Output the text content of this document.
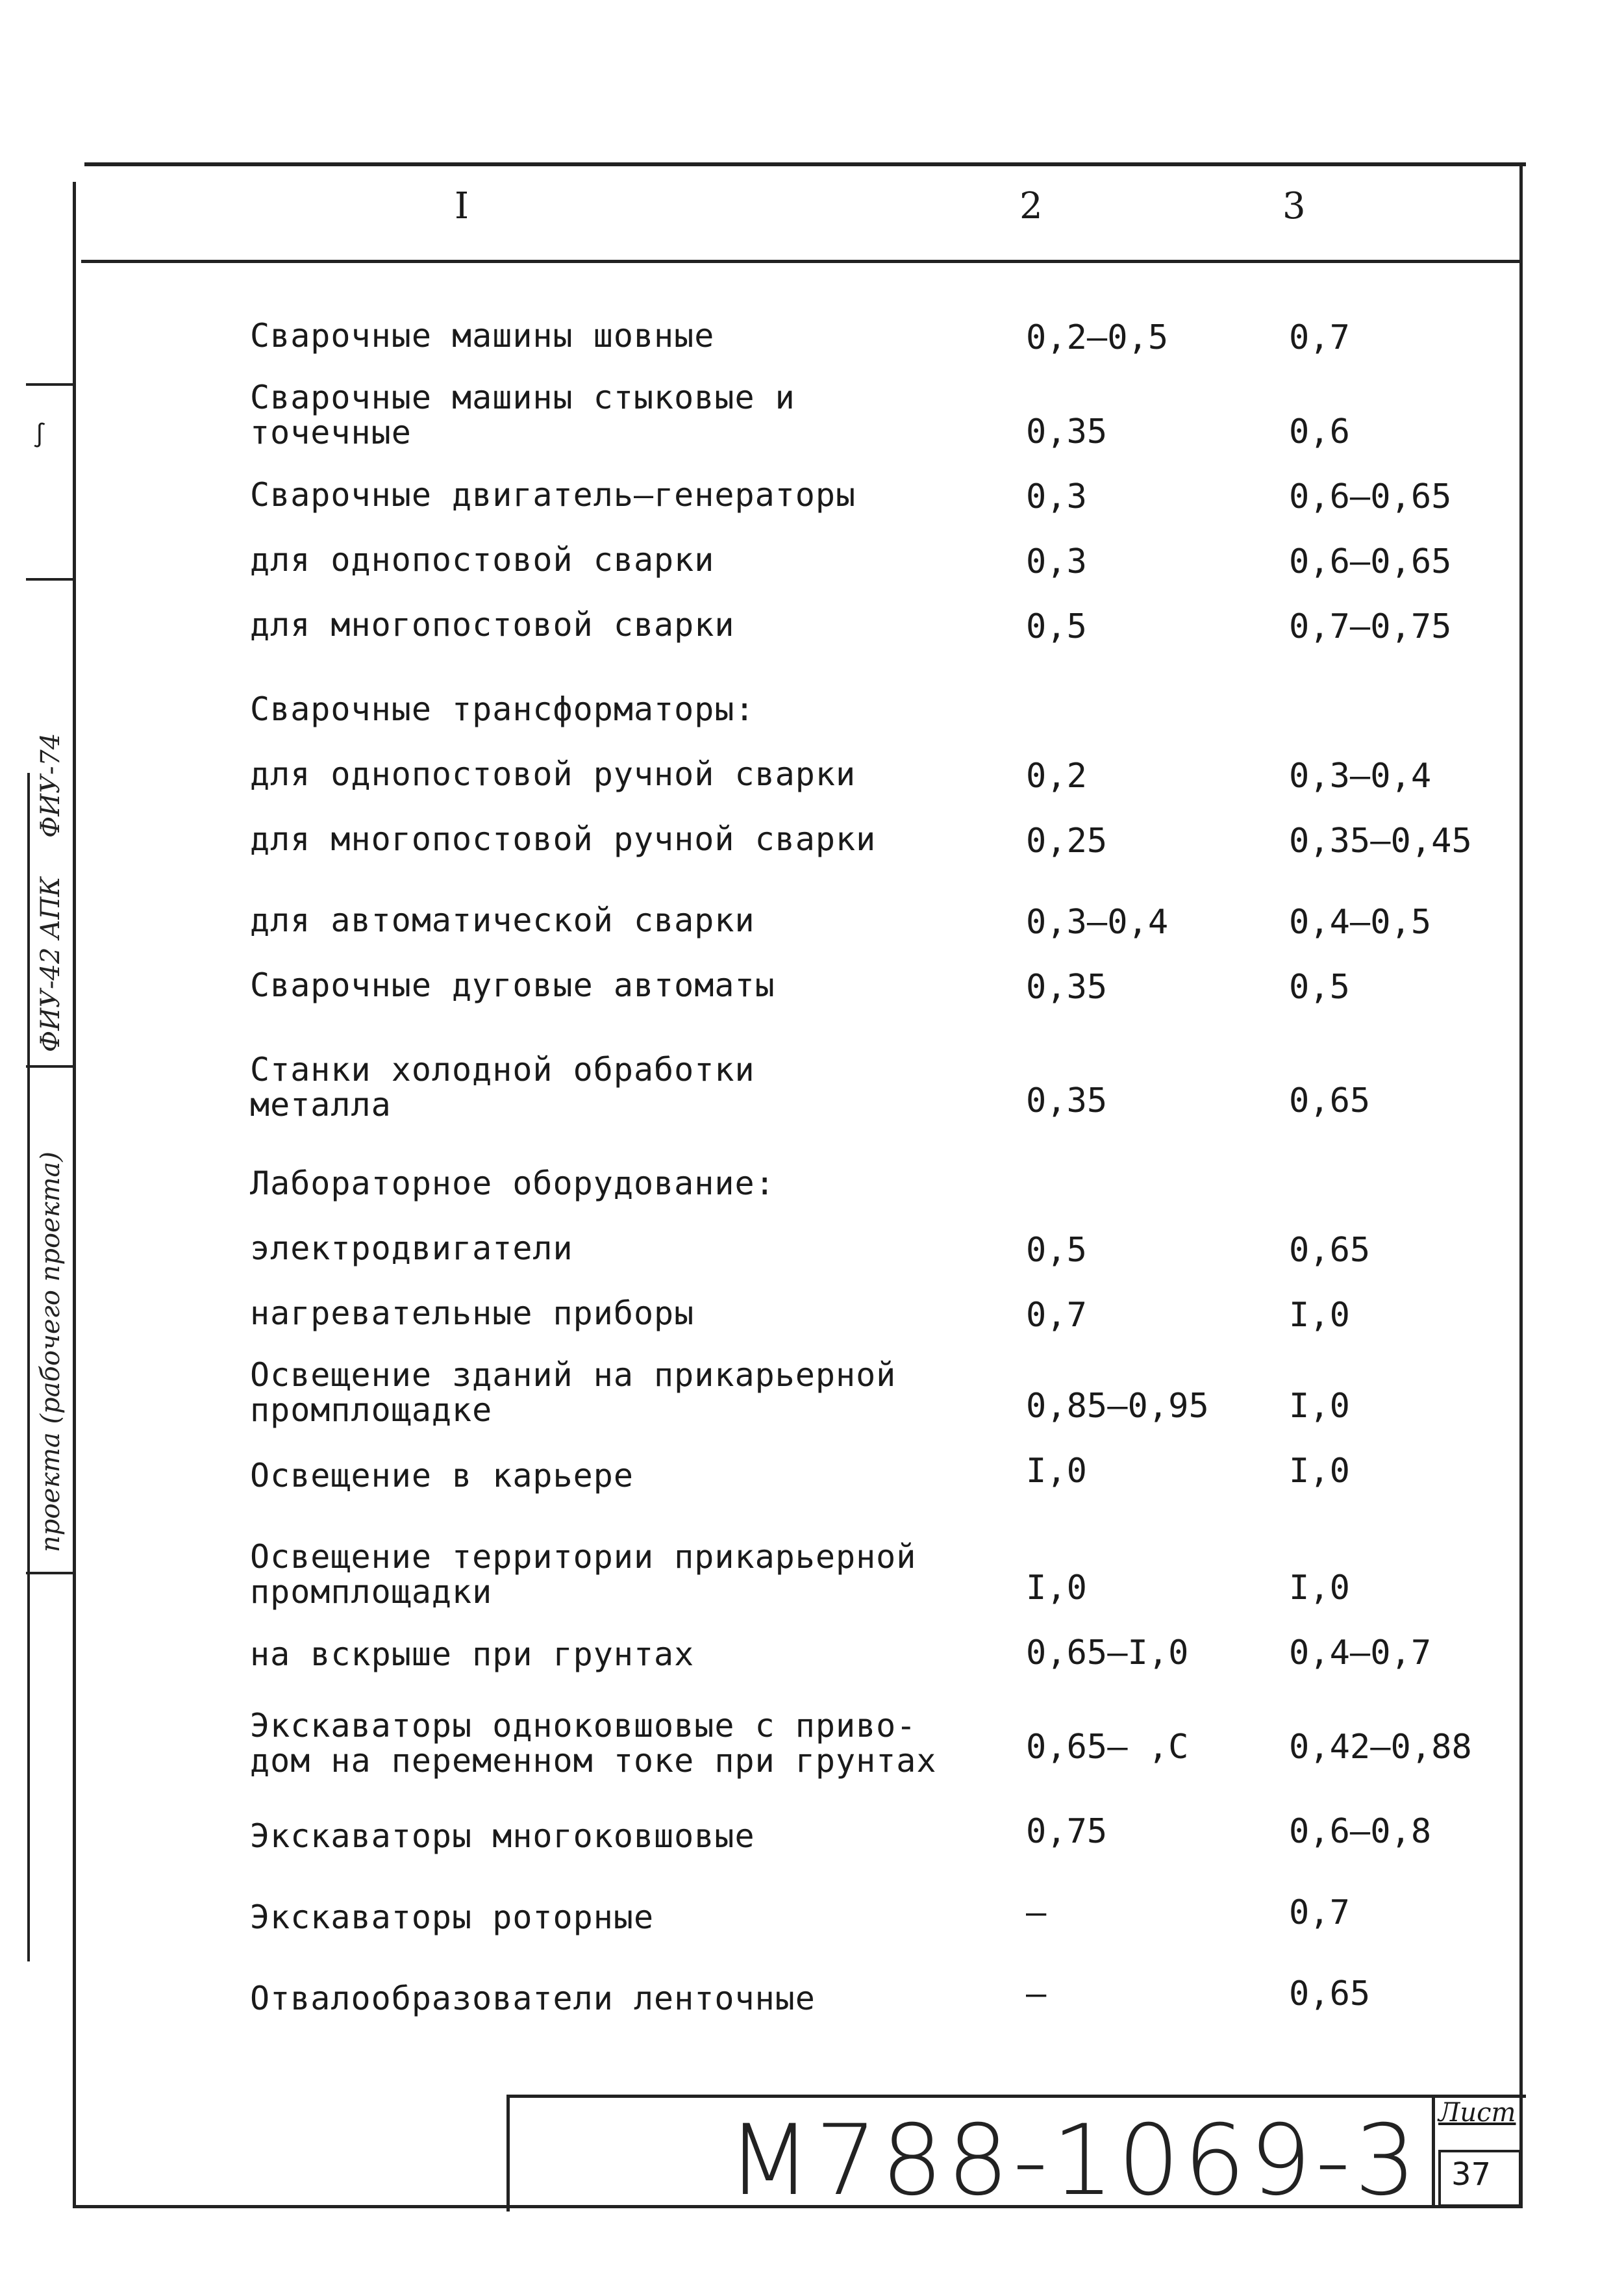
I	2	3
Сварочные машины шовные	0,2–0,5	0,7
Сварочные машины стыковые и
точечные	0,35	0,6
Сварочные двигатель–генераторы	0,3	0,6–0,65
для однопостовой сварки	0,3	0,6–0,65
для многопостовой сварки	0,5	0,7–0,75
Сварочные трансформаторы:
для однопостовой ручной сварки	0,2	0,3–0,4
для многопостовой ручной сварки	0,25	0,35–0,45
для автоматической сварки	0,3–0,4	0,4–0,5
Сварочные дуговые автоматы	0,35	0,5
Станки холодной обработки
металла	0,35	0,65
Лабораторное оборудование:
электродвигатели	0,5	0,65
нагревательные приборы	0,7	I,0
Освещение зданий на прикарьерной
промплощадке	0,85–0,95 I,0
Освещение в карьере	I,0	I,0
Освещение территории прикарьерной
промплощадки	I,0	I,0
на вскрыше при грунтах	0,65–I,0	0,4–0,7
Экскаваторы одноковшовые с приво-
дом на переменном токе при грунтах	0,65– ,С	0,42–0,88
Экскаваторы многоковшовые	0,75	0,6–0,8
Экскаваторы роторные	–	0,7
Отвалообразователи ленточные	–	0,65
∫
ФИУ-42 АПК
ФИУ-74
проекта (рабочего проекта)
М788-1069-3 Лист
37
